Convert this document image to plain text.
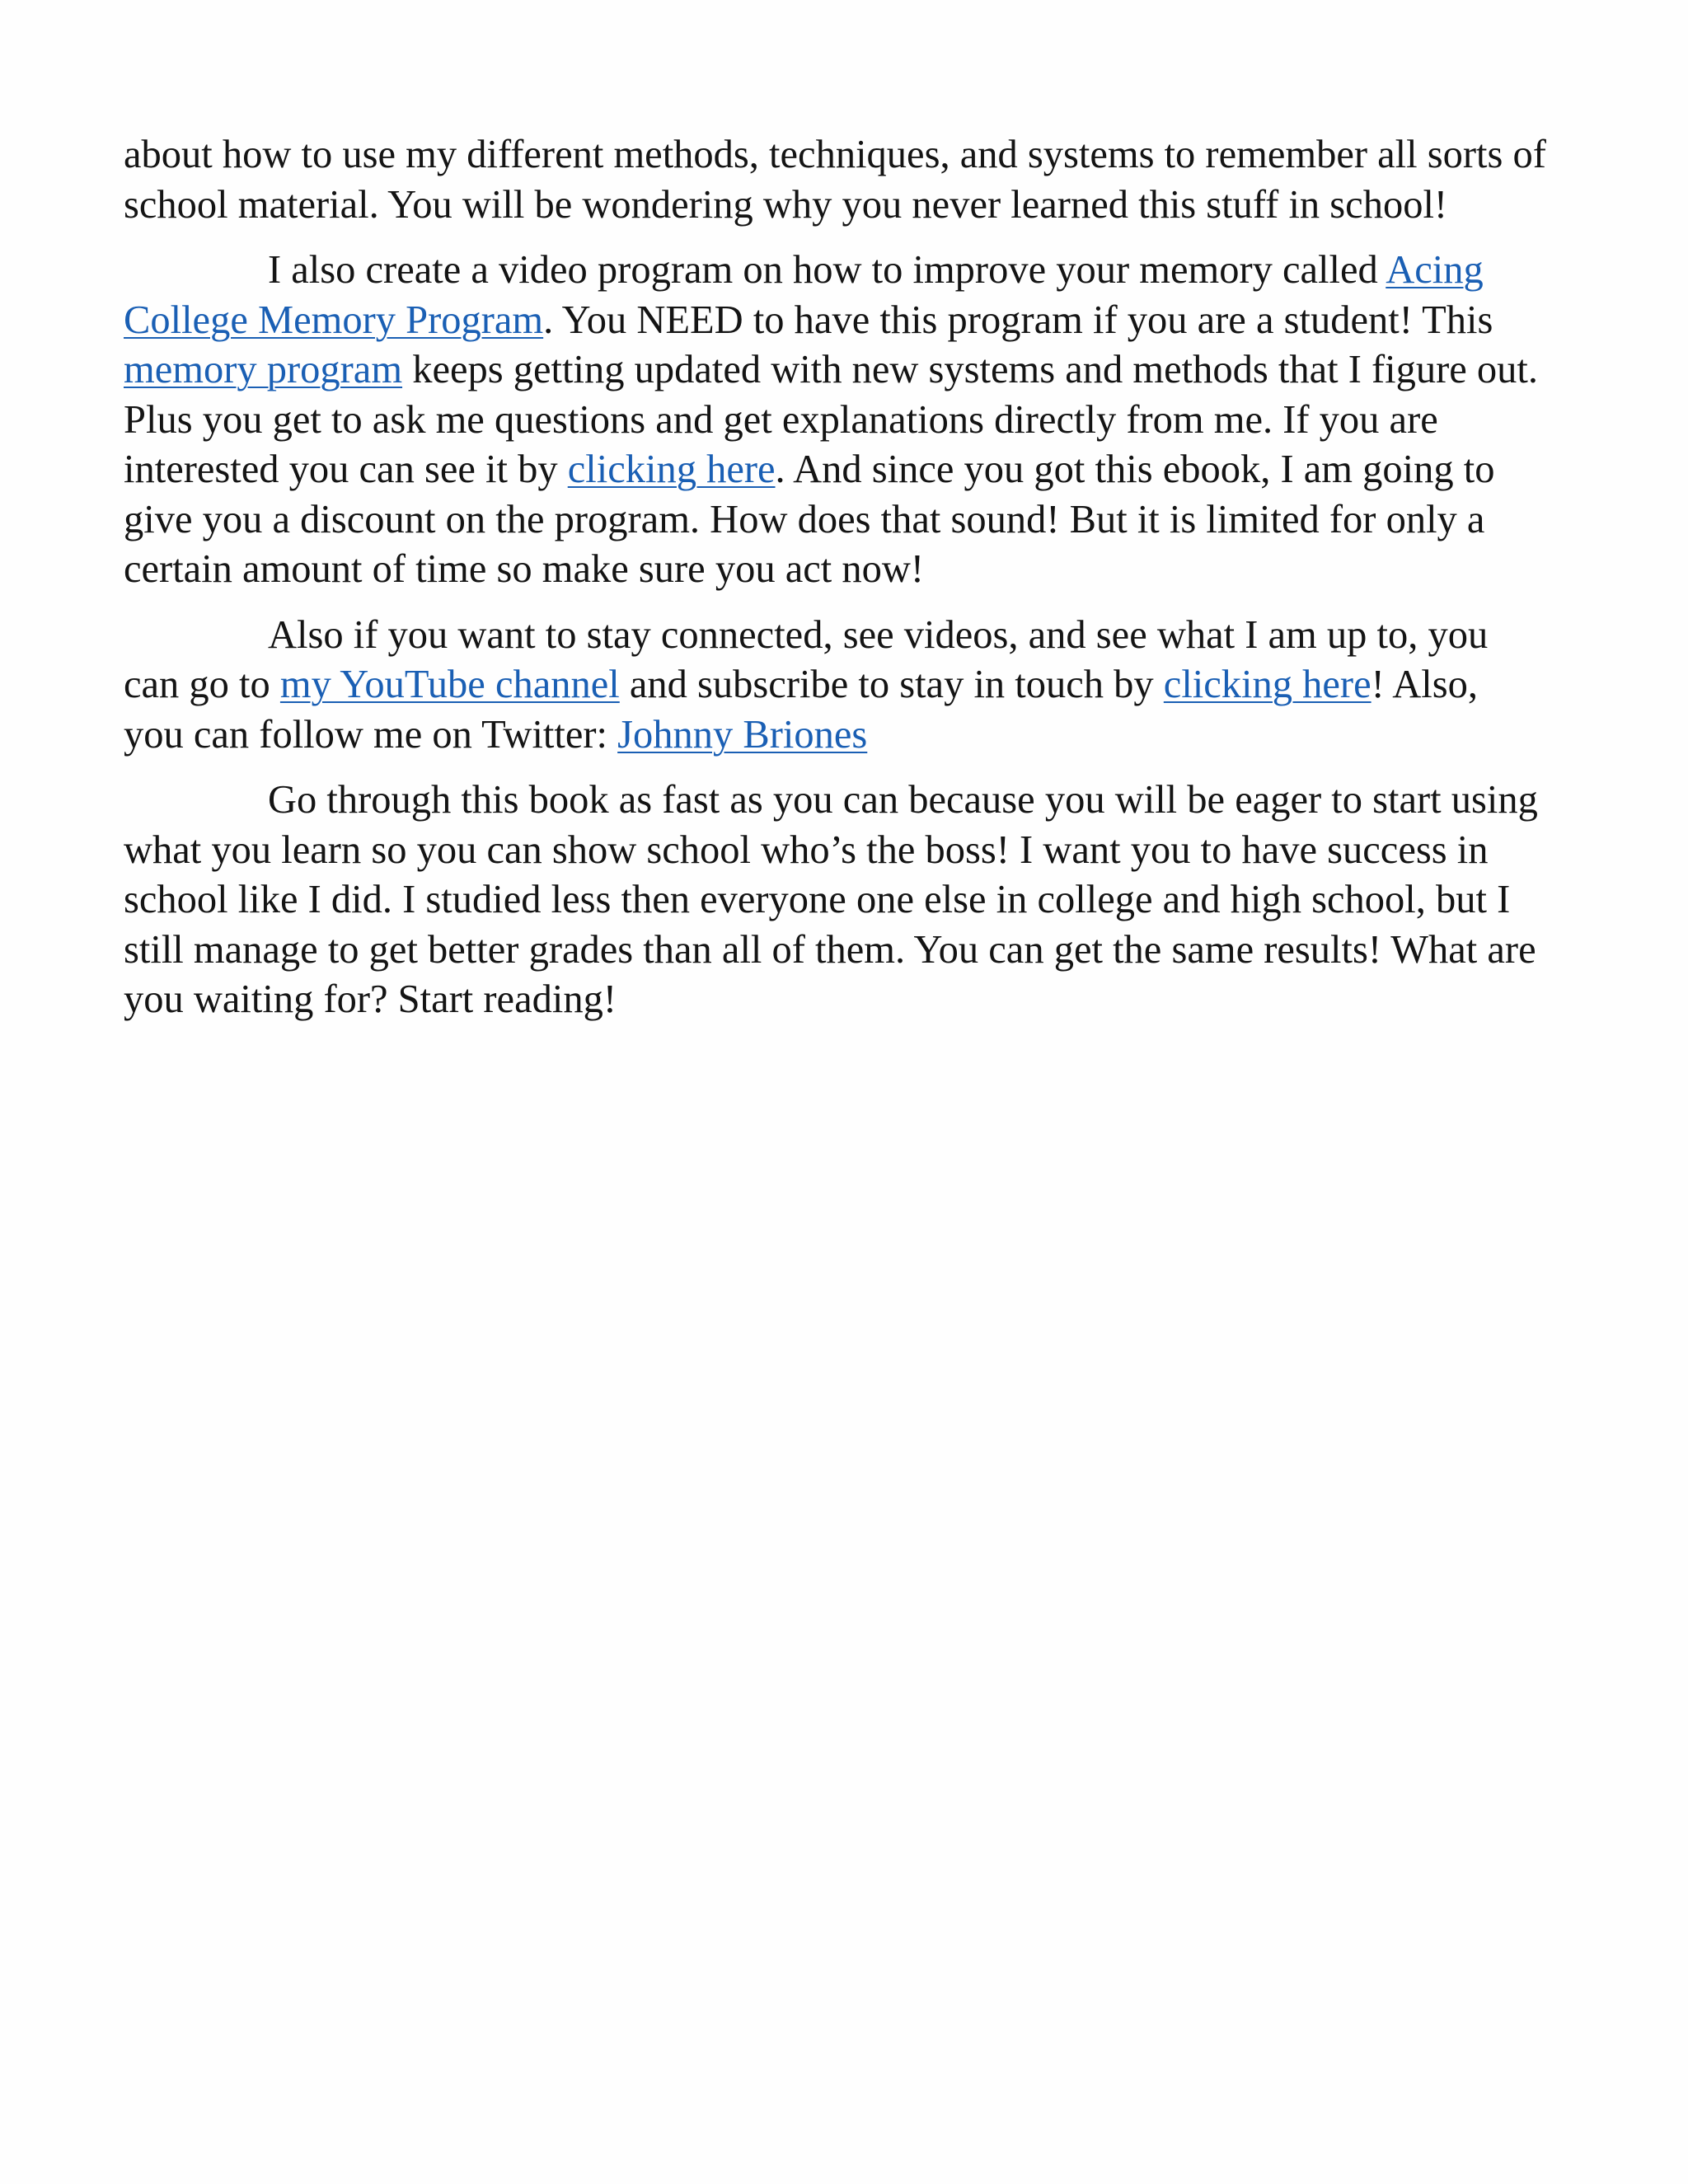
about how to use my different methods, techniques, and systems to remember all sorts of
school material. You will be wondering why you never learned this stuff in school!

I also create a video program on how to improve your memory called Acing
College Memory Program. You NEED to have this program if you are a student! This
memory program keeps getting updated with new systems and methods that I figure out.
Plus you get to ask me questions and get explanations directly from me. If you are
interested you can see it by clicking here. And since you got this ebook, I am going to
give you a discount on the program. How does that sound! But it is limited for only a
certain amount of time so make sure you act now!

Also if you want to stay connected, see videos, and see what I am up to, you
can go to my YouTube channel and subscribe to stay in touch by clicking here! Also,
you can follow me on Twitter: Johnny Briones

Go through this book as fast as you can because you will be eager to start using
what you learn so you can show school who’s the boss! I want you to have success in
school like I did. I studied less then everyone one else in college and high school, but I
still manage to get better grades than all of them. You can get the same results! What are
you waiting for? Start reading!
